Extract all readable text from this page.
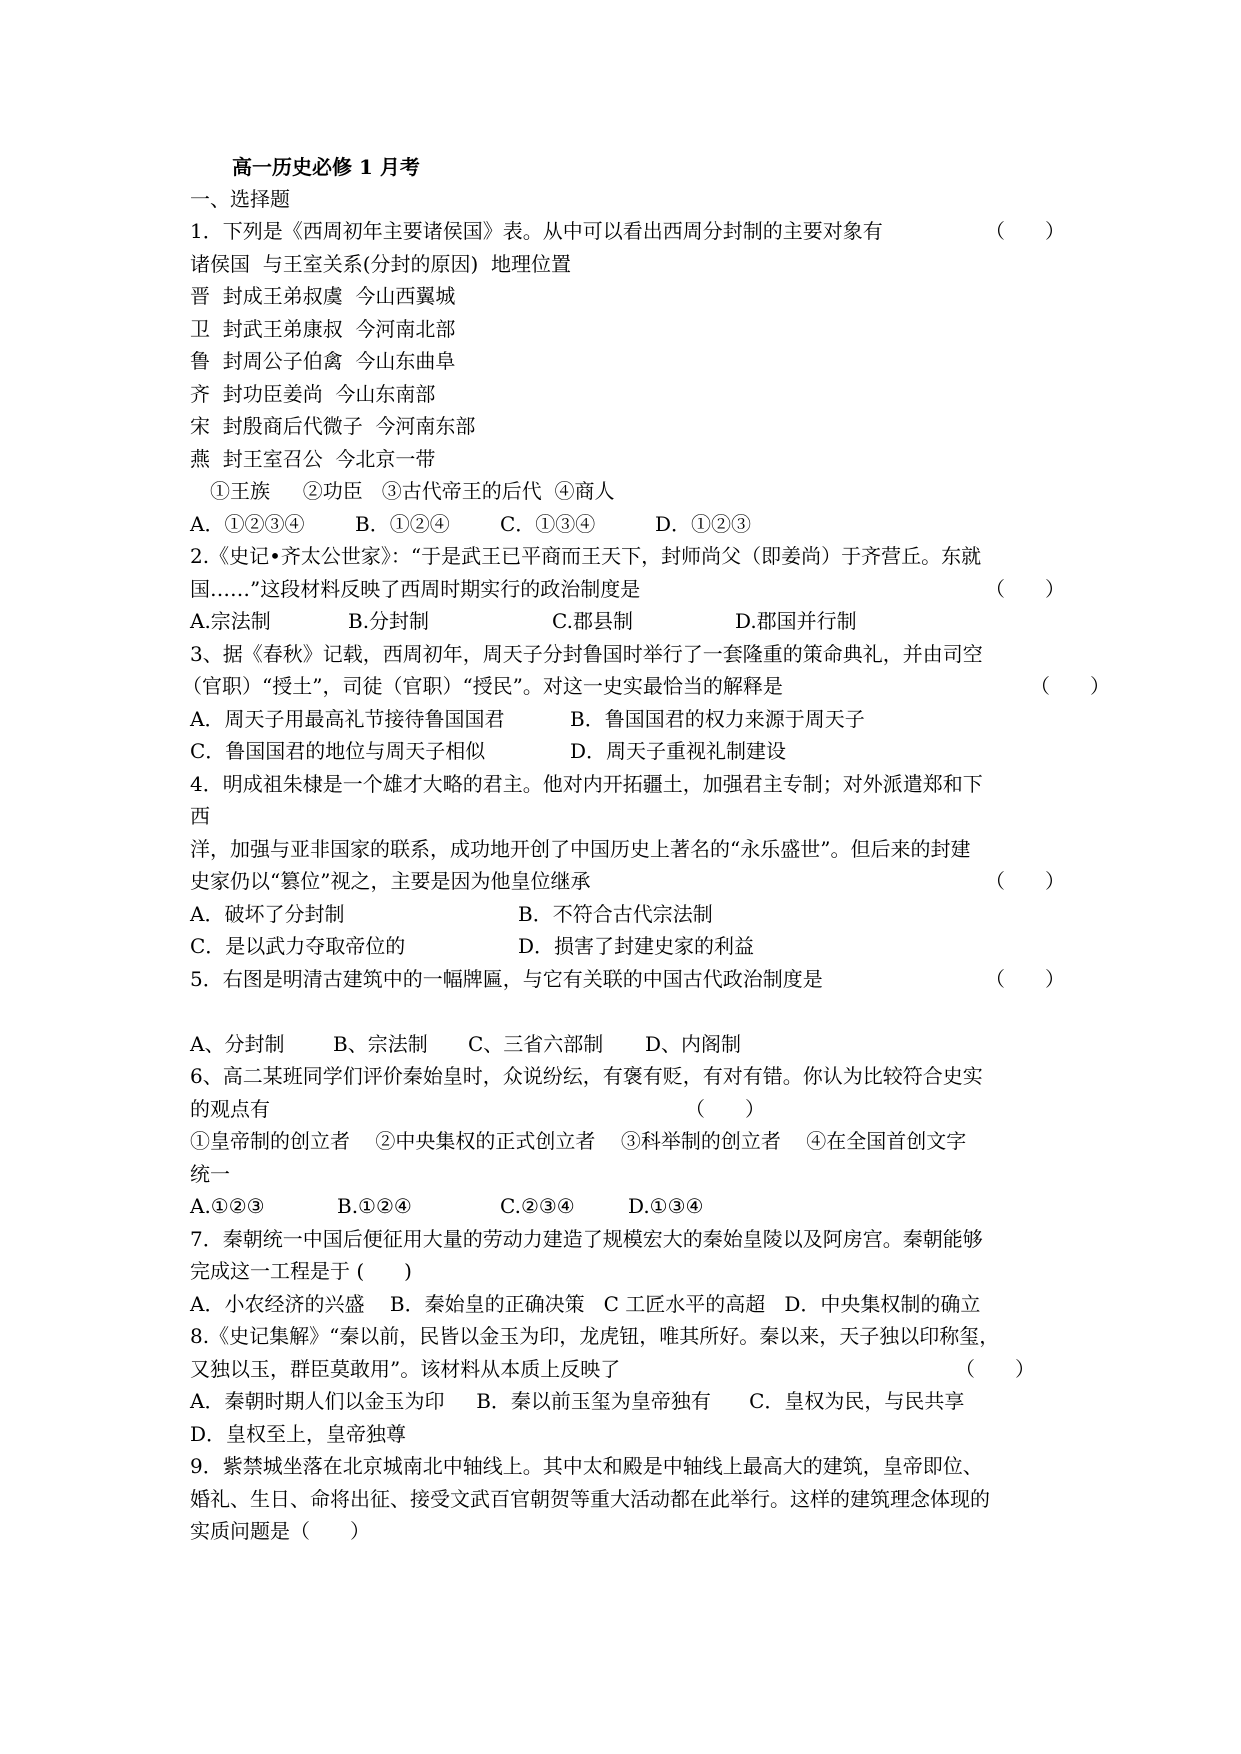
高一历史必修 1 月考
一、选择题
1．下列是《西周初年主要诸侯国》表。从中可以看出西周分封制的主要对象有	（　　）
诸侯国  与王室关系(分封的原因)  地理位置
晋  封成王弟叔虞  今山西翼城
卫  封武王弟康叔  今河南北部
鲁  封周公子伯禽  今山东曲阜
齐  封功臣姜尚  今山东南部
宋  封殷商后代微子  今河南东部
燕  封王室召公  今北京一带
①王族　  ②功臣   ③古代帝王的后代  ④商人
A．①②③④	B．①②④	C．①③④	D．①②③
2.《史记•齐太公世家》：“于是武王已平商而王天下，封师尚父（即姜尚）于齐营丘。东就
国……”这段材料反映了西周时期实行的政治制度是	（　　）
A.宗法制	B.分封制	C.郡县制	D.郡国并行制
3、据《春秋》记载，西周初年，周天子分封鲁国时举行了一套隆重的策命典礼，并由司空
（官职）“授土”，司徒（官职）“授民”。对这一史实最恰当的解释是	（　　）
A．周天子用最高礼节接待鲁国国君	B．鲁国国君的权力来源于周天子
C．鲁国国君的地位与周天子相似	D．周天子重视礼制建设
4．明成祖朱棣是一个雄才大略的君主。他对内开拓疆土，加强君主专制；对外派遣郑和下
西
洋，加强与亚非国家的联系，成功地开创了中国历史上著名的“永乐盛世”。但后来的封建
史家仍以“篡位”视之，主要是因为他皇位继承	（　　）
A．破坏了分封制	B．不符合古代宗法制
C．是以武力夺取帝位的	D．损害了封建史家的利益
5．右图是明清古建筑中的一幅牌匾，与它有关联的中国古代政治制度是	（　　）
A、分封制 B、宗法制 C、三省六部制 D、内阁制
6、高二某班同学们评价秦始皇时，众说纷纭，有褒有贬，有对有错。你认为比较符合史实
的观点有	（　　）
①皇帝制的创立者    ②中央集权的正式创立者    ③科举制的创立者    ④在全国首创文字
统一
A.①②③	B.①②④	C.②③④	D.①③④
7．秦朝统一中国后便征用大量的劳动力建造了规模宏大的秦始皇陵以及阿房宫。秦朝能够
完成这一工程是于 (　　)
A．小农经济的兴盛    B．秦始皇的正确决策   C 工匠水平的高超   D．中央集权制的确立
8.《史记集解》“秦以前，民皆以金玉为印，龙虎钮，唯其所好。秦以来，天子独以印称玺，
又独以玉，群臣莫敢用”。该材料从本质上反映了	（　　）
A．秦朝时期人们以金玉为印     B．秦以前玉玺为皇帝独有      C．皇权为民，与民共享
D．皇权至上，皇帝独尊
9．紫禁城坐落在北京城南北中轴线上。其中太和殿是中轴线上最高大的建筑，皇帝即位、
婚礼、生日、命将出征、接受文武百官朝贺等重大活动都在此举行。这样的建筑理念体现的
实质问题是（　　）
